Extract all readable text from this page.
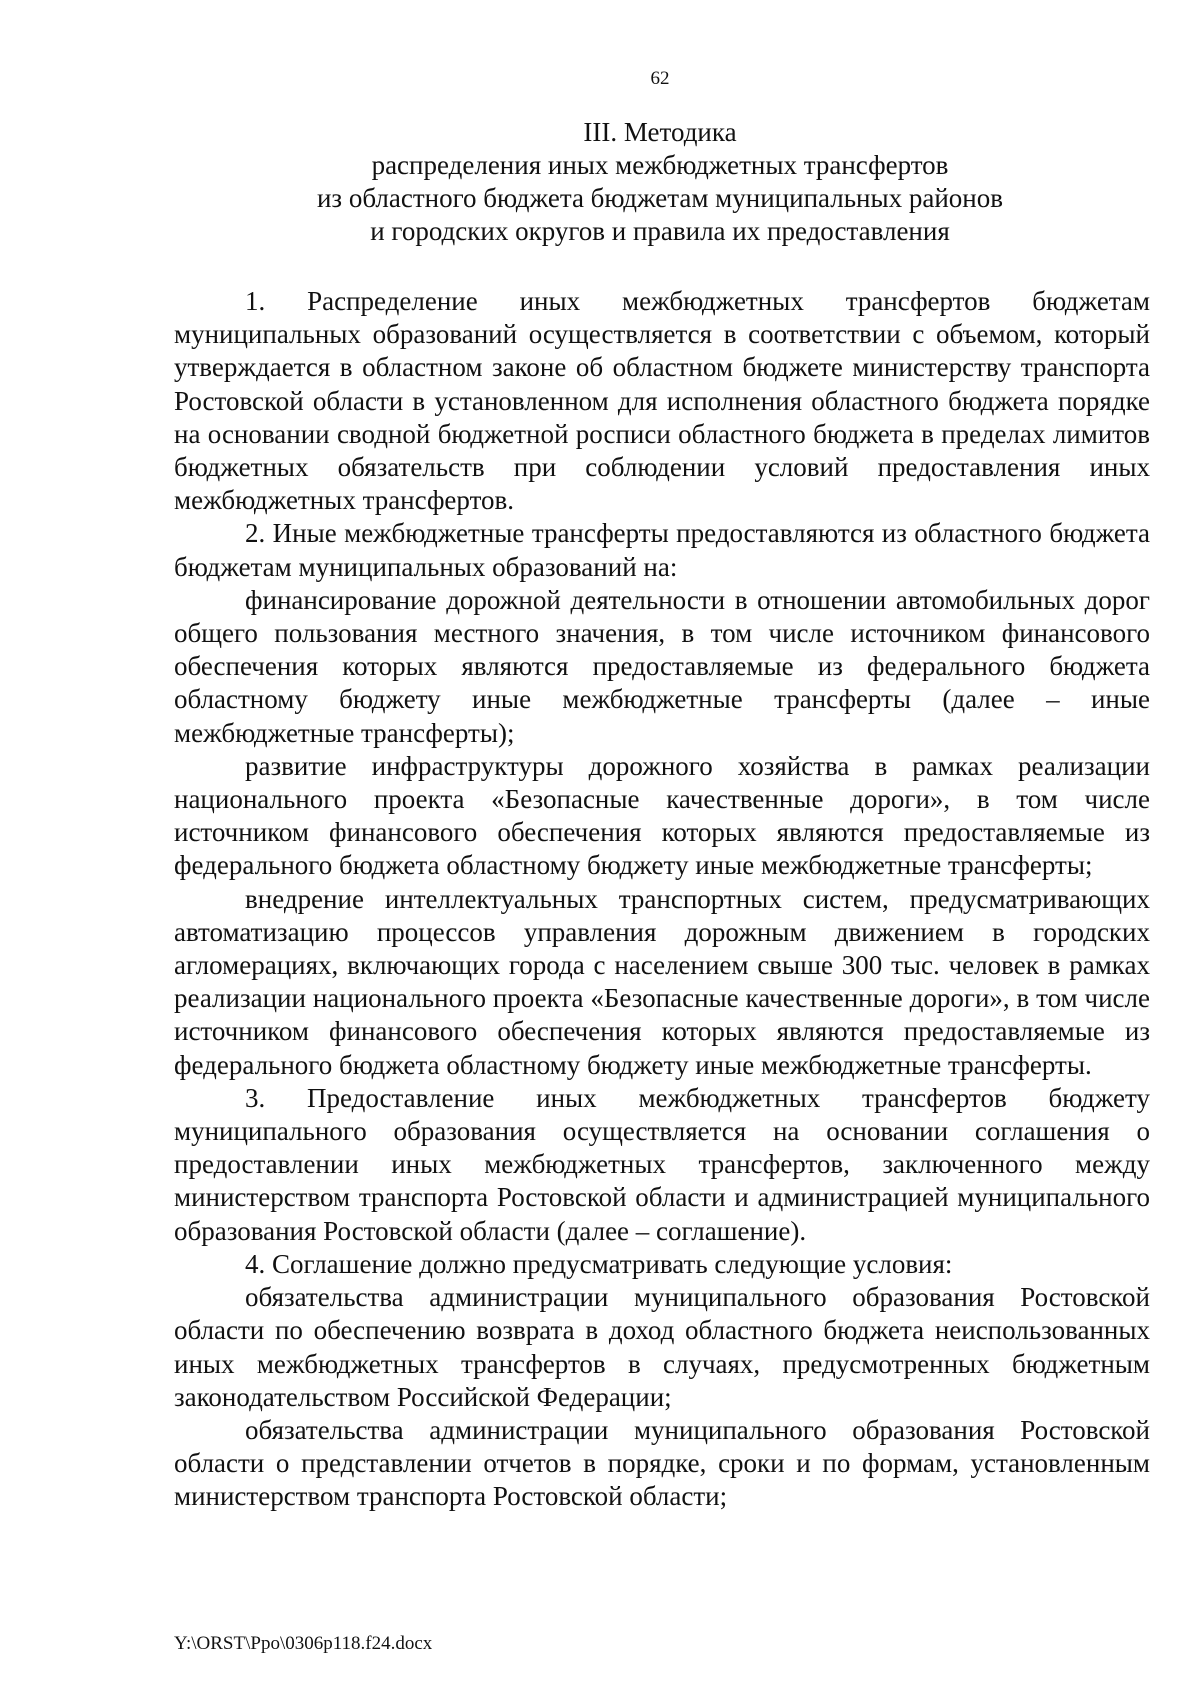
62
III. Методика
распределения иных межбюджетных трансфертов
из областного бюджета бюджетам муниципальных районов
и городских округов и правила их предоставления

1. Распределение иных межбюджетных трансфертов бюджетам муниципальных образований осуществляется в соответствии с объемом, который утверждается в областном законе об областном бюджете министерству транспорта Ростовской области в установленном для исполнения областного бюджета порядке на основании сводной бюджетной росписи областного бюджета в пределах лимитов бюджетных обязательств при соблюдении условий предоставления иных межбюджетных трансфертов.

2. Иные межбюджетные трансферты предоставляются из областного бюджета бюджетам муниципальных образований на:

финансирование дорожной деятельности в отношении автомобильных дорог общего пользования местного значения, в том числе источником финансового обеспечения которых являются предоставляемые из федерального бюджета областному бюджету иные межбюджетные трансферты (далее – иные межбюджетные трансферты);

развитие инфраструктуры дорожного хозяйства в рамках реализации национального проекта «Безопасные качественные дороги», в том числе источником финансового обеспечения которых являются предоставляемые из федерального бюджета областному бюджету иные межбюджетные трансферты;

внедрение интеллектуальных транспортных систем, предусматривающих автоматизацию процессов управления дорожным движением в городских агломерациях, включающих города с населением свыше 300 тыс. человек в рамках реализации национального проекта «Безопасные качественные дороги», в том числе источником финансового обеспечения которых являются предоставляемые из федерального бюджета областному бюджету иные межбюджетные трансферты.

3. Предоставление иных межбюджетных трансфертов бюджету муниципального образования осуществляется на основании соглашения о предоставлении иных межбюджетных трансфертов, заключенного между министерством транспорта Ростовской области и администрацией муниципального образования Ростовской области (далее – соглашение).

4. Соглашение должно предусматривать следующие условия:

обязательства администрации муниципального образования Ростовской области по обеспечению возврата в доход областного бюджета неиспользованных иных межбюджетных трансфертов в случаях, предусмотренных бюджетным законодательством Российской Федерации;

обязательства администрации муниципального образования Ростовской области о представлении отчетов в порядке, сроки и по формам, установленным министерством транспорта Ростовской области;

Y:\ORST\Ppo\0306p118.f24.docx
